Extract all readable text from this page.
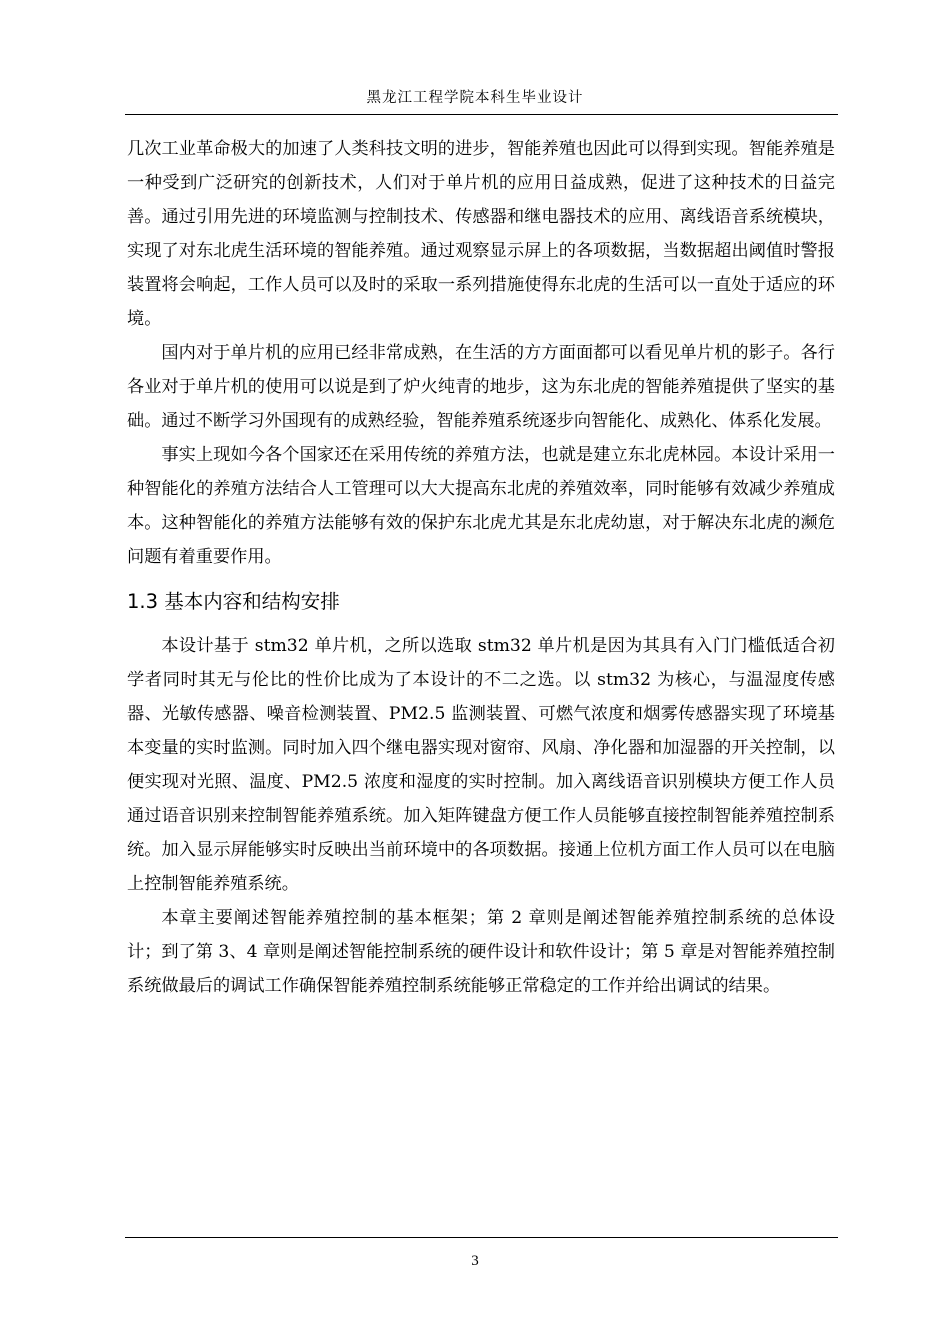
黑龙江工程学院本科生毕业设计

几次工业革命极大的加速了人类科技文明的进步，智能养殖也因此可以得到实现。智能养殖是一种受到广泛研究的创新技术，人们对于单片机的应用日益成熟，促进了这种技术的日益完善。通过引用先进的环境监测与控制技术、传感器和继电器技术的应用、离线语音系统模块，实现了对东北虎生活环境的智能养殖。通过观察显示屏上的各项数据，当数据超出阈值时警报装置将会响起，工作人员可以及时的采取一系列措施使得东北虎的生活可以一直处于适应的环境。

国内对于单片机的应用已经非常成熟，在生活的方方面面都可以看见单片机的影子。各行各业对于单片机的使用可以说是到了炉火纯青的地步，这为东北虎的智能养殖提供了坚实的基础。通过不断学习外国现有的成熟经验，智能养殖系统逐步向智能化、成熟化、体系化发展。

事实上现如今各个国家还在采用传统的养殖方法，也就是建立东北虎林园。本设计采用一种智能化的养殖方法结合人工管理可以大大提高东北虎的养殖效率，同时能够有效减少养殖成本。这种智能化的养殖方法能够有效的保护东北虎尤其是东北虎幼崽，对于解决东北虎的濒危问题有着重要作用。

1.3 基本内容和结构安排

本设计基于 stm32 单片机，之所以选取 stm32 单片机是因为其具有入门门槛低适合初学者同时其无与伦比的性价比成为了本设计的不二之选。以 stm32 为核心，与温湿度传感器、光敏传感器、噪音检测装置、PM2.5 监测装置、可燃气浓度和烟雾传感器实现了环境基本变量的实时监测。同时加入四个继电器实现对窗帘、风扇、净化器和加湿器的开关控制，以便实现对光照、温度、PM2.5 浓度和湿度的实时控制。加入离线语音识别模块方便工作人员通过语音识别来控制智能养殖系统。加入矩阵键盘方便工作人员能够直接控制智能养殖控制系统。加入显示屏能够实时反映出当前环境中的各项数据。接通上位机方面工作人员可以在电脑上控制智能养殖系统。

本章主要阐述智能养殖控制的基本框架；第 2 章则是阐述智能养殖控制系统的总体设计；到了第 3、4 章则是阐述智能控制系统的硬件设计和软件设计；第 5 章是对智能养殖控制系统做最后的调试工作确保智能养殖控制系统能够正常稳定的工作并给出调试的结果。

3
